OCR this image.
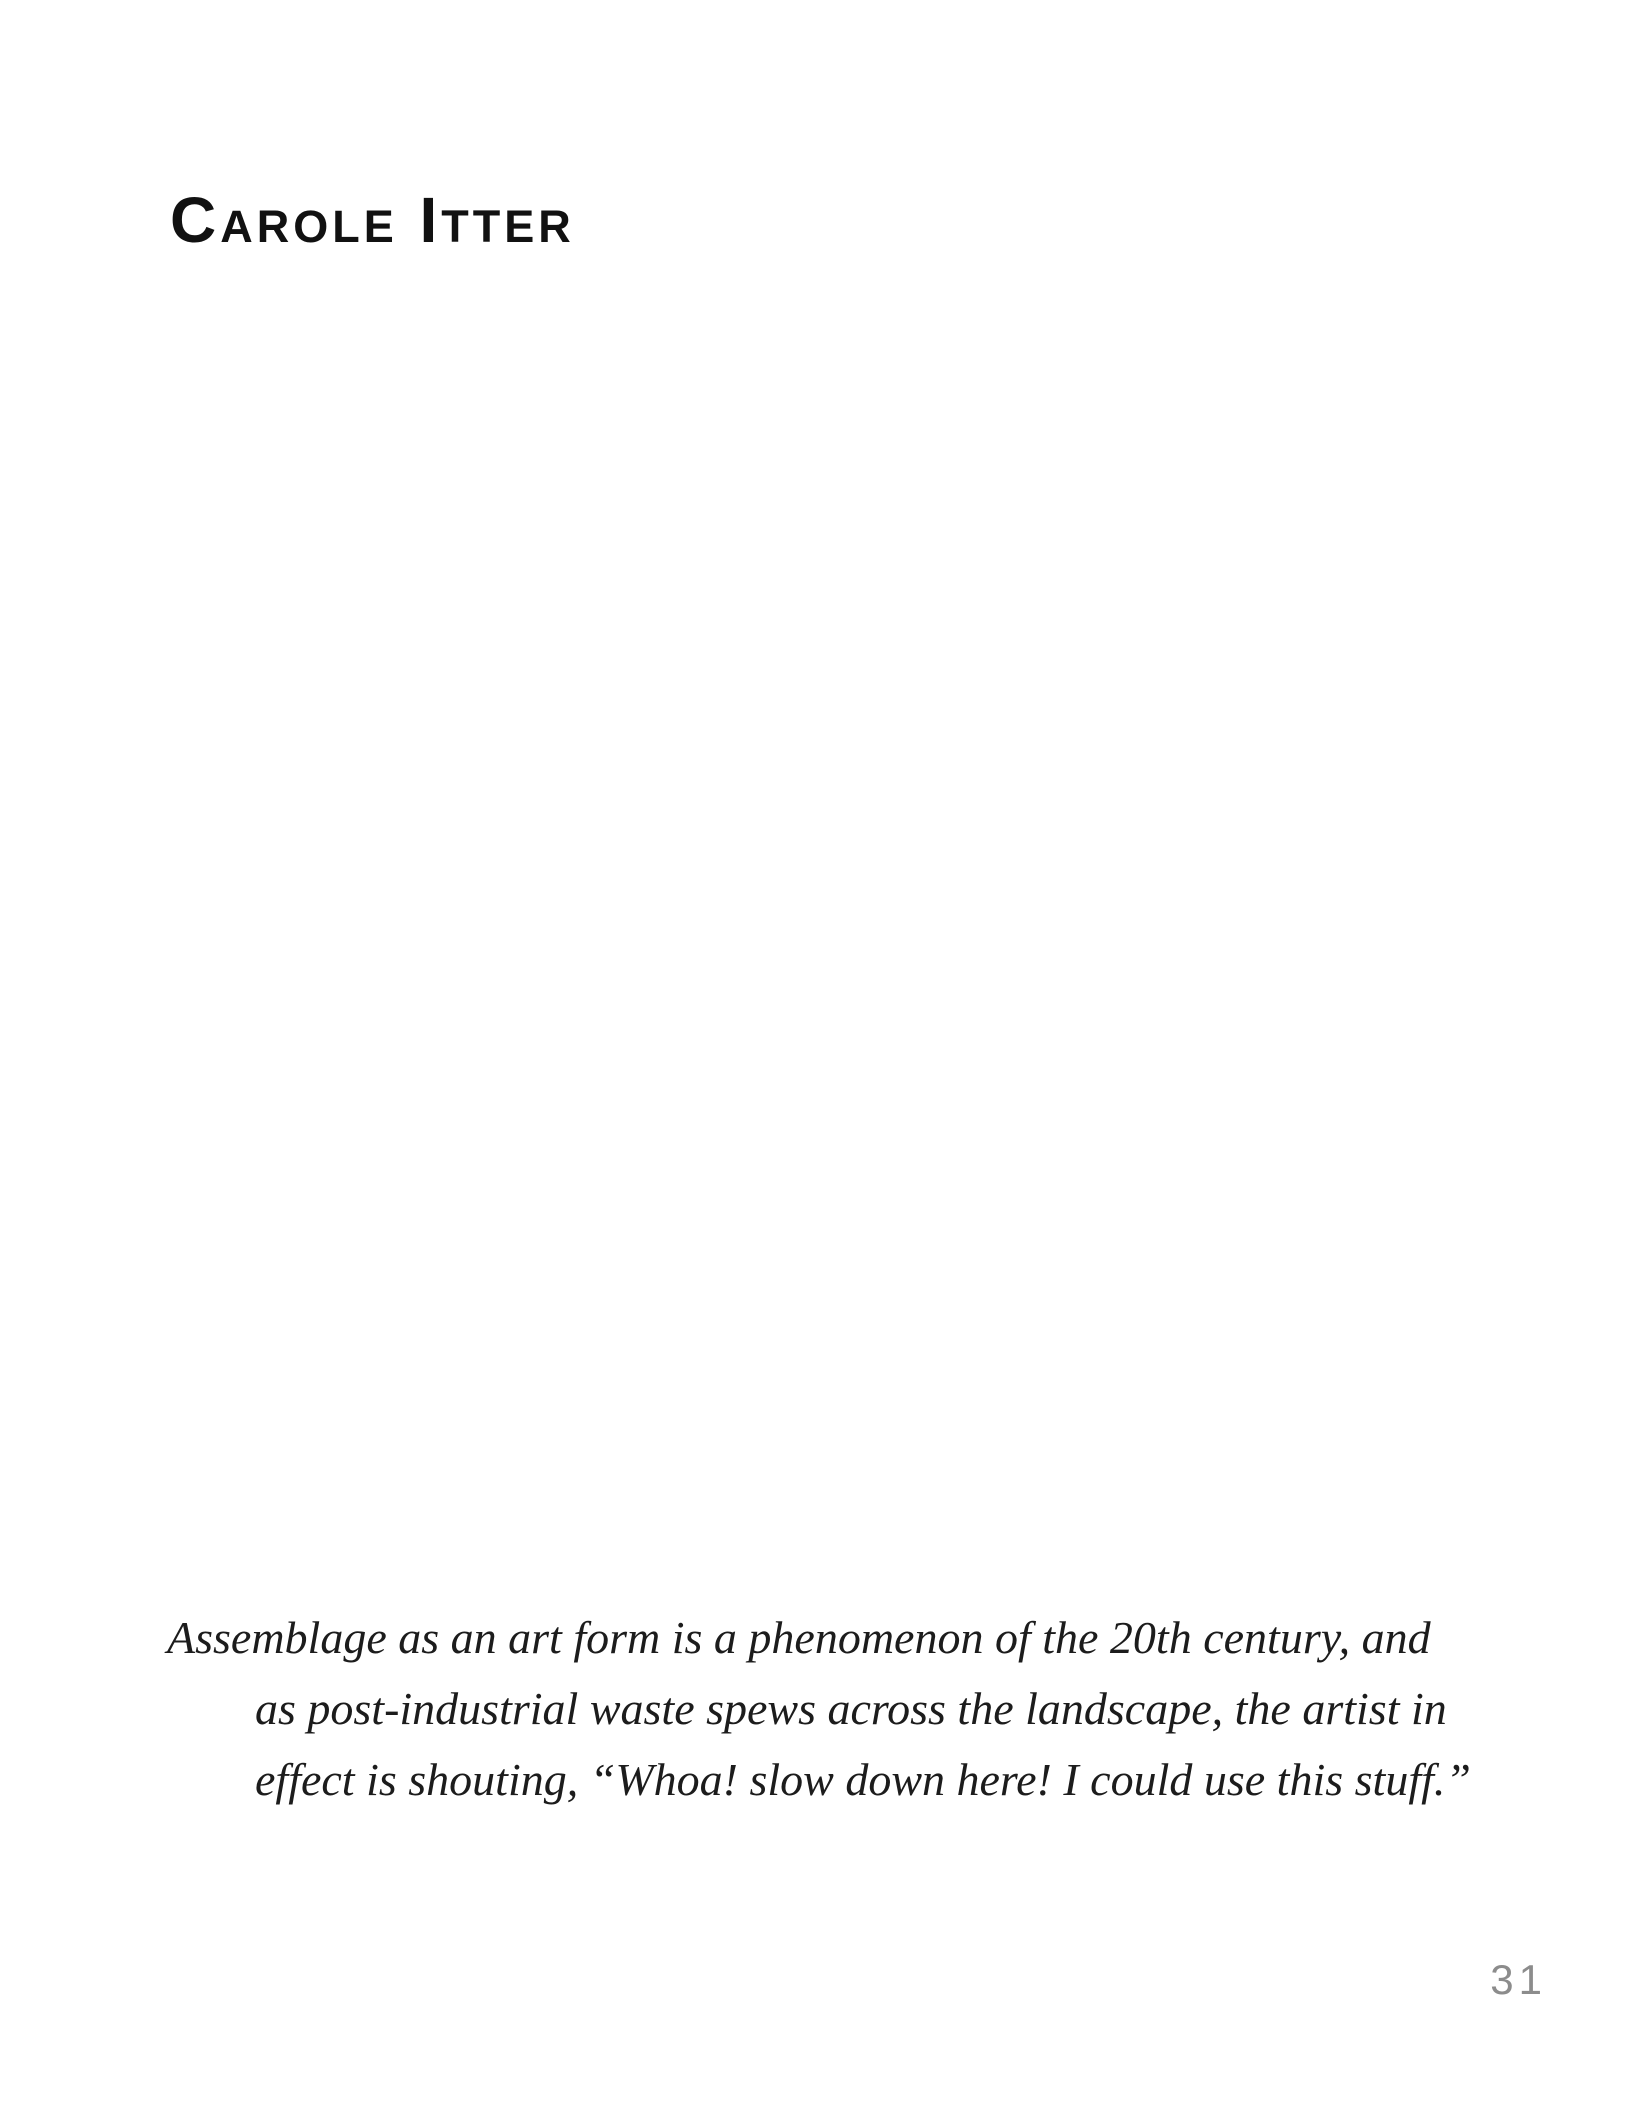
Carole Itter
Assemblage as an art form is a phenomenon of the 20th century, and
as post-industrial waste spews across the landscape, the artist in
effect is shouting, “Whoa! slow down here! I could use this stuff.”
31
